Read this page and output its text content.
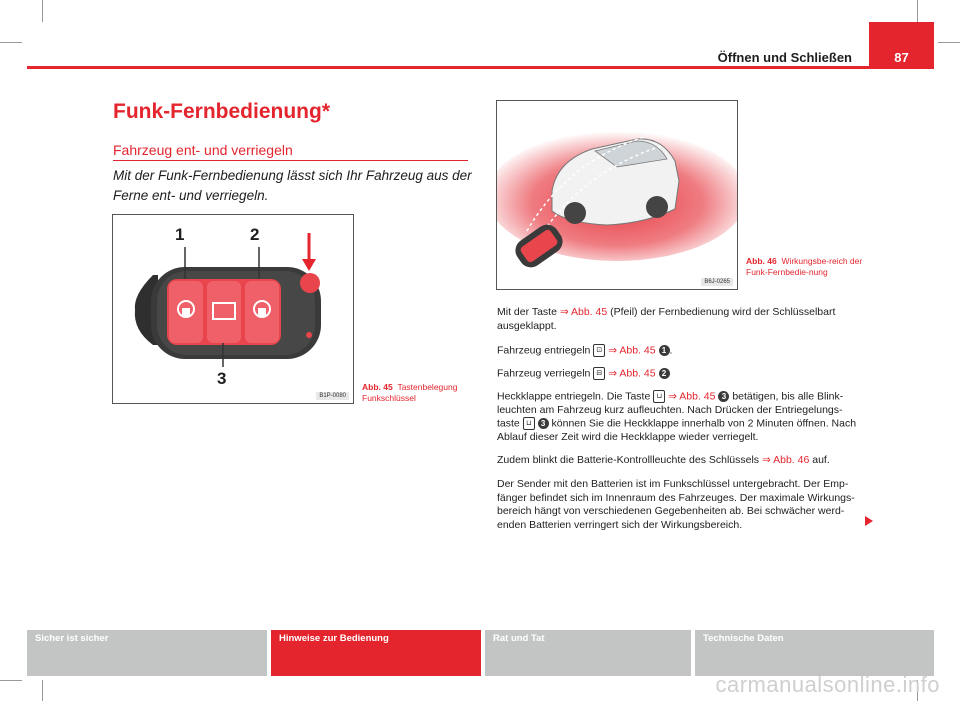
Öffnen und Schließen	87
Funk-Fernbedienung*
Fahrzeug ent- und verriegeln
Mit der Funk-Fernbedienung lässt sich Ihr Fahrzeug aus der Ferne ent- und verriegeln.
1	2
3
B1P-0080
Abb. 45 Tastenbelegung Funkschlüssel
B6J-0265
Abb. 46 Wirkungsbe-reich der Funk-Fernbedie-nung
Mit der Taste ⇒ Abb. 45 (Pfeil) der Fernbedienung wird der Schlüsselbart ausgeklappt.
Fahrzeug entriegeln ⊡ ⇒ Abb. 45 1 .
Fahrzeug verriegeln ⊟ ⇒ Abb. 45 2
Heckklappe entriegeln. Die Taste ⊔ ⇒ Abb. 45 3 betätigen, bis alle Blink-leuchten am Fahrzeug kurz aufleuchten. Nach Drücken der Entriegelungs-taste ⊔ 3 können Sie die Heckklappe innerhalb von 2 Minuten öffnen. Nach Ablauf dieser Zeit wird die Heckklappe wieder verriegelt.
Zudem blinkt die Batterie-Kontrollleuchte des Schlüssels ⇒ Abb. 46 auf.
Der Sender mit den Batterien ist im Funkschlüssel untergebracht. Der Emp-fänger befindet sich im Innenraum des Fahrzeuges. Der maximale Wirkungs-bereich hängt von verschiedenen Gegebenheiten ab. Bei schwächer werd-enden Batterien verringert sich der Wirkungsbereich.
Sicher ist sicher	Hinweise zur Bedienung	Rat und Tat	Technische Daten
carmanualsonline.info
